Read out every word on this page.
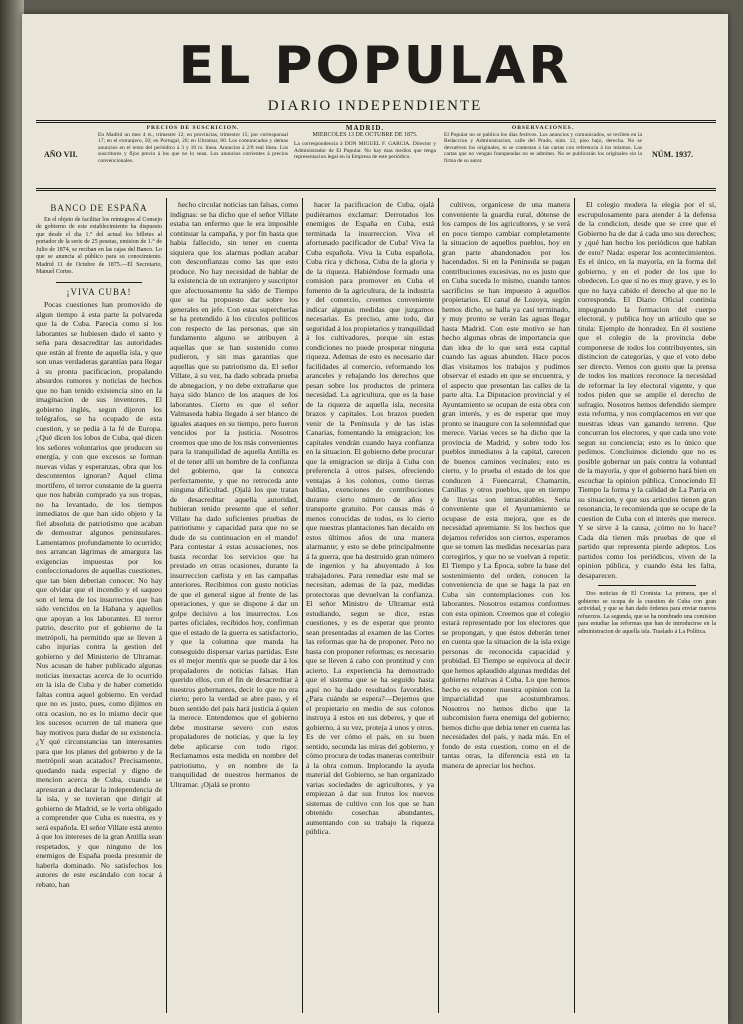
EL POPULAR
DIARIO INDEPENDIENTE
PRECIOS DE SUSCRICION.
En Madrid un mes 4 rs., trimestre 12; en provincias, trimestre 15; por corresponsal 17; en el extranjero, 50; en Portugal, 20; en Ultramar, 80. Los comunicados y demas anuncios en el texto del periódico á 3 y 10 rs. línea. Anuncios á 2/8 real línea. Los suscritores y fijos precio á los que no lo sean. Los anuncios corrientes á precios convencionales.
AÑO VII.
MADRID.
MIERCOLES 13 DE OCTUBRE DE 1875.
La correspondencia á DON MIGUEL F. GARCIA. Director y Administrador de El Popular. No hay mas medios que tenga representacion legal en la Empresa de este periódico.
OBSERVACIONES.
El Popular no se publica los dias festivos. Los anuncios y comunicados, se reciben en la Redaccion y Administracion, calle del Prado, núm. 12, piso bajo, derecha. No se devuelven los originales, ni se contestan á las cartas con referencia á los mismos. Las cartas que no vengan franqueadas no se admiten. No se publicarán los originales sin la firma de su autor.
NÚM. 1937.
BANCO DE ESPAÑA

En el objeto de facilitar los reintegros al Consejo de gobierno de este establecimiento ha dispuesto que desde el dia 1.° del actual los billetes al portador de la serie de 25 pesetas, emision de 1.° de Julio de 1874, se reciban en las cajas del Banco. Lo que se anuncia al público para su conocimiento. Madrid 11 de Octubre de 1875.—El Secretario, Manuel Cortes.

¡VIVA CUBA!

Pocas cuestiones han promovido de algun tiempo á esta parte la polvareda que la de Cuba. Parecia como si los laborantes se hubiesen dado el santo y seña para desacreditar las autoridades que están al frente de aquella isla, y que son unas verdaderas garantías para llegar á su pronta pacificacion, propalando absurdos rumores y noticias de hechos que no han tenido existencia sino en la imaginacion de sus inventores. El gobierno inglés, segun dijeron los telégrafos, se ha ocupado de esta cuestion, y se pedia á la fé de Europa. ¿Qué dicen los lobos de Cuba, qué dicen los señores voluntarios que producen su energía, y con que excesos se forman nuevas vidas y esperanzas, obra que los descontentos ignoran? Aquel clima mortífero, el terror constante de la guerra que nos habrán comprado ya sus tropas, no ha levantado, de los tiempos inmediatos de que han sido objeto y la fiel absoluta de patriotismo que acaban de demostrar algunos peninsulares. Lamentamos profundamente lo ocurrido; nos arrancan lágrimas de amargura las exigencias impuestas por los confeccionadores de aquellas cuestiones, que tan bien deberian conocer. No hay que olvidar que el incendio y el saqueo son el lema de los insurrectos que han sido vencidos en la Habana y aquellos que apoyan a los laborantes. El terror patrio, descrito por el gobierno de la metrópoli, ha permitido que se lleven á cabo injurias contra la gestion del gobierno y del Ministerio de Ultramar. Nos acusan de haber publicado algunas noticias inexactas acerca de lo ocurrido en la isla de Cuba y de haber cometido faltas contra aquel gobierno. En verdad que no es justo, pues, como dijimos en otra ocasion, no es lo mismo decir que los sucesos ocurren de tal manera que hay motivos para dudar de su existencia. ¿Y qué circunstancias tan interesantes para que los planes del gobierno y de la metrópoli sean acatados? Precisamente, quedando nada especial y digno de mencion acerca de Cuba, cuando se apresuran a declarar la independencia de la isla, y se tuvieran que dirigir al gobierno de Madrid, se le veria obligado a comprender que Cuba es nuestra, es y será española. El señor Villate está atento á que los intereses de la gran Antilla sean respetados, y que ninguno de los enemigos de España pueda presumir de haberla dominado. No satisfechos los autores de este escándalo con tocar á rebato, han

hecho circular noticias tan falsas, como indignas: se ha dicho que el señor Villate estaba tan enfermo que le era imposible continuar la campaña, y por fin hasta que habia fallecido, sin tener en cuenta siquiera que los alarmas podian acabar con desconfianzas como las que esto produce. No hay necesidad de hablar de la existencia de un extranjero y suscriptor que afectuosamente ha sido de Tiempo que se ha propuesto dar sobre los generales en jefe. Con estas supercherías se ha pretendido á los círculos políticos con respecto de las personas, que sin fundamento alguno se atribuyen á aquellas que se han sostenido como pudieron, y sin mas garantías que aquellas que su patriotismo da. El señor Villate, á su vez, ha dado sobrada prueba de abnegacion, y no debe extrañarse que haya sido blanco de los ataques de los laborantes. Cierto es que el señor Valmaseda habia llegado á ser blanco de iguales ataques en su tiempo, pero fueron vencidos por la justicia. Nosotros creemos que uno de los más convenientes para la tranquilidad de aquella Antilla es el de tener allí un hombre de la confianza del gobierno, que la conozca perfectamente, y que no retroceda ante ninguna dificultad. ¡Ojalá los que tratan de desacreditar aquella autoridad, hubieran tenido presente que el señor Villate ha dado suficientes pruebas de patriotismo y capacidad para que no se dude de su continuacion en el mando! Para contestar á estas acusaciones, nos basta recordar los servicios que ha prestado en otras ocasiones, durante la insurreccion carlista y en las campañas anteriores. Recibimos con gusto noticias de que el general sigue al frente de las operaciones, y que se dispone á dar un golpe decisivo a los insurrectos. Los partes oficiales, recibidos hoy, confirman que el estado de la guerra es satisfactorio, y que la columna que manda ha conseguido dispersar varias partidas. Este es el mejor mentís que se puede dar á los propaladores de noticias falsas. Han querido ellos, con el fin de desacreditar á nuestros gobernantes, decir lo que no era cierto; pero la verdad se abre paso, y el buen sentido del pais hará justicia á quien la merece. Entendemos que el gobierno debe mostrarse severo con estos propaladores de noticias, y que la ley debe aplicarse con todo rigor. Reclamamos esta medida en nombre del patriotismo, y en nombre de la tranquilidad de nuestros hermanos de Ultramar. ¡Ojalá se pronto

hacer la pacificacion de Cuba, ojalá pudiéramos exclamar: Derrotados los enemigos de España en Cuba, está terminada la insurreccion. Viva el afortunado pacificador de Cuba! Viva la Cuba española. Viva la Cuba española, Cuba rica y dichosa, Cuba de la gloria y de la riqueza. Habiéndose formado una comision para promover en Cuba el fomento de la agricultura, de la industria y del comercio, creemos conveniente indicar algunas medidas que juzgamos necesarias. Es preciso, ante todo, dar seguridad á los propietarios y tranquilidad á los cultivadores, porque sin estas condiciones no puede prosperar ninguna riqueza. Ademas de esto es necesario dar facilidades al comercio, reformando los aranceles y rebajando los derechos que pesan sobre los productos de primera necesidad. La agricultura, que es la base de la riqueza de aquella isla, necesita brazos y capitales. Los brazos pueden venir de la Península y de las islas Canarias, fomentando la emigracion; los capitales vendrán cuando haya confianza en la situacion. El gobierno debe procurar que la emigracion se dirija á Cuba con preferencia á otros países, ofreciendo ventajas á los colonos, como tierras baldías, exenciones de contribuciones durante cierto número de años y transporte gratuito. Por causas más ó menos conocidas de todos, es lo cierto que nuestras plantaciones han decaído en estos últimos años de una manera alarmante; y esto se debe principalmente á la guerra, que ha destruido gran número de ingenios y ha ahuyentado á los trabajadores. Para remediar este mal se necesitan, ademas de la paz, medidas protectoras que devuelvan la confianza. El señor Ministro de Ultramar está estudiando, segun se dice, estas cuestiones, y es de esperar que pronto sean presentadas al examen de las Cortes las reformas que ha de proponer. Pero no basta con proponer reformas; es necesario que se lleven á cabo con prontitud y con acierto. La experiencia ha demostrado que el sistema que se ha seguido hasta aquí no ha dado resultados favorables. ¿Para cuándo se espera?—Dejemos que el propietario en medio de sus colonos instruya á estos en sus deberes, y que el gobierno, á su vez, proteja á unos y otros. Es de ver cómo el país, en su buen sentido, secunda las miras del gobierno, y cómo procura de todas maneras contribuir á la obra comun. Implorando la ayuda material del Gobierno, se han organizado varias sociedades de agricultores, y ya empiezan á dar sus frutos los nuevos sistemas de cultivo con los que se han obtenido cosechas abundantes, aumentando con su trabajo la riqueza pública.

cultivos, organícese de una manera conveniente la guardia rural, dótense de los campos de los agricultores, y se verá en poco tiempo cambiar completamente la situacion de aquellos pueblos, hoy en gran parte abandonados por los hacendados. Si en la Península se pagan contribuciones excesivas, no es justo que en Cuba suceda lo mismo, cuando tantos sacrificios se han impuesto á aquellos propietarios. El canal de Lozoya, según hemos dicho, se halla ya casi terminado, y muy pronto se verán las aguas llegar hasta Madrid. Con este motivo se han hecho algunas obras de importancia que dan idea de lo que será esta capital cuando las aguas abunden. Hace pocos dias visitamos los trabajos y pudimos observar el estado en que se encuentra, y el aspecto que presentan las calles de la parte alta. La Diputacion provincial y el Ayuntamiento se ocupan de esta obra con gran interés, y es de esperar que muy pronto se inaugure con la solemnidad que merece. Varias veces se ha dicho que la provincia de Madrid, y sobre todo los pueblos inmediatos á la capital, carecen de buenos caminos vecinales; esto es cierto, y lo prueba el estado de los que conducen á Fuencarral, Chamartin, Canillas y otros pueblos, que en tiempo de lluvias son intransitables. Seria conveniente que el Ayuntamiento se ocupase de esta mejora, que es de necesidad apremiante. Si los hechos que dejamos referidos son ciertos, esperamos que se tomen las medidas necesarias para corregirlos, y que no se vuelvan á repetir. El Tiempo y La Época, sobre la base del sostenimiento del orden, conocen la conveniencia de que se haga la paz en Cuba sin contemplaciones con los laborantes. Nosotros estamos conformes con esta opinion. Creemos que el colegio estará representado por los electores que se propongan, y que éstos deberán tener en cuenta que la situacion de la isla exige personas de reconocida capacidad y probidad. El Tiempo se equivoca al decir que hemos aplaudido algunas medidas del gobierno relativas á Cuba. Lo que hemos hecho es exponer nuestra opinion con la imparcialidad que acostumbramos. Nosotros no hemos dicho que la subcomision fuera enemiga del gobierno; hemos dicho que debia tener en cuenta las necesidades del país, y nada más. En el fondo de esta cuestion, como en el de tantas otras, la diferencia está en la manera de apreciar los hechos.

El colegio modera la elegia por el sí, escrupulosamente para atender á la defensa de la condicion, desde que se cree que el Gobierno ha de dar á cada uno sus derechos; y ¿qué han hecho los periódicos que hablan de esto? Nada: esperar los acontecimientos. Es el único, en la mayoría, en la forma del gobierno, y en el poder de los que lo obedecen. Lo que sí no es muy grave, y es lo que no haya cabido el derecho al que no le corresponda. El Diario Oficial continúa impugnando la formacion del cuerpo electoral, y publica hoy un artículo que se titula: Ejemplo de honradez. En él sostiene que el colegio de la provincia debe componerse de todos los contribuyentes, sin distincion de categorías, y que el voto debe ser directo. Vemos con gusto que la prensa de todos los matices reconoce la necesidad de reformar la ley electoral vigente, y que todos piden que se amplíe el derecho de sufragio. Nosotros hemos defendido siempre esta reforma, y nos complacemos en ver que nuestras ideas van ganando terreno. Que concurran los electores, y que cada uno vote segun su conciencia; esto es lo único que pedimos. Concluimos diciendo que no es posible gobernar un país contra la voluntad de la mayoría, y que el gobierno hará bien en escuchar la opinion pública. Conociendo El Tiempo la forma y la calidad de La Patria en su situacion, y que sus artículos tienen gran resonancia, le recomienda que se ocupe de la cuestion de Cuba con el interés que merece. Y se sirve á la causa, ¿cómo no lo hace? Cada dia tienen más pruebas de que el partido que representa pierde adeptos. Los partidos como los periódicos, viven de la opinion pública, y cuando ésta les falta, desaparecen.

Dos noticias de El Cronista: La primera, que el gobierno se ocupa de la cuestion de Cuba con gran actividad, y que se han dado órdenes para enviar nuevos refuerzos. La segunda, que se ha nombrado una comision para estudiar las reformas que han de introducirse en la administracion de aquella isla. Traslado á La Política.
